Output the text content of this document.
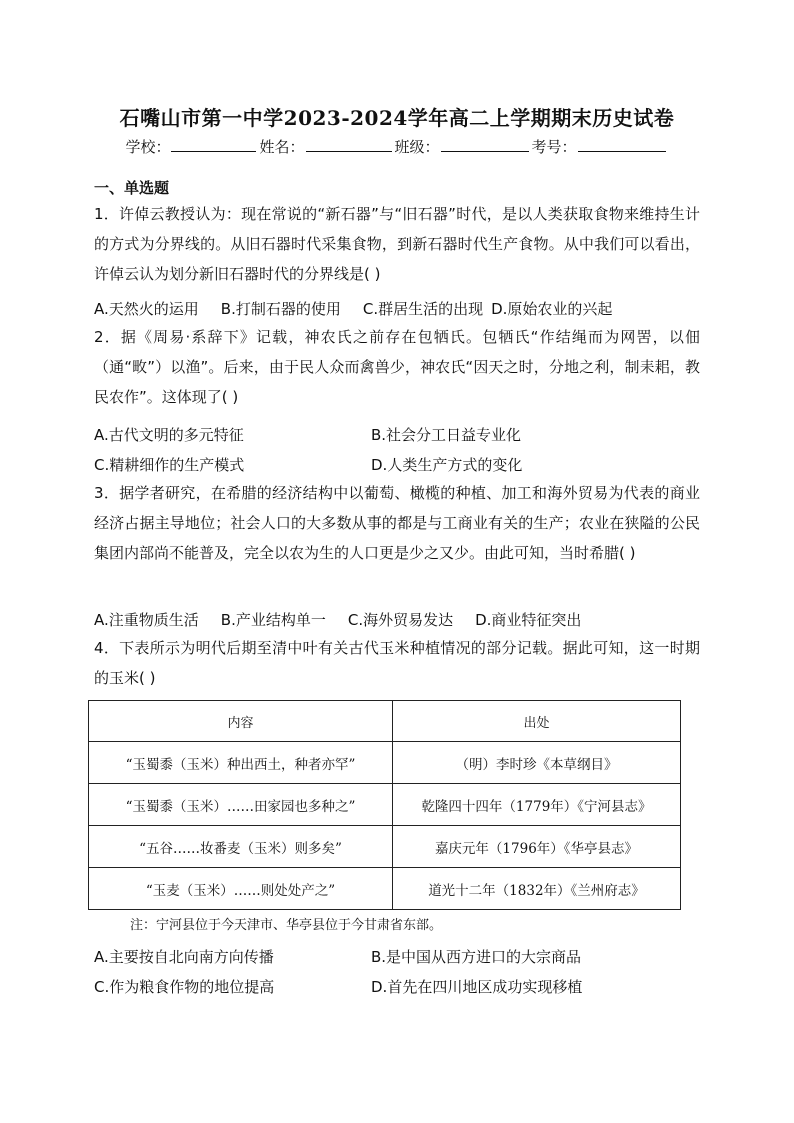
石嘴山市第一中学2023-2024学年高二上学期期末历史试卷
学校：	姓名：	班级：	考号：
一、单选题

1．许倬云教授认为：现在常说的“新石器”与“旧石器”时代，是以人类获取食物来维持生计的方式为分界线的。从旧石器时代采集食物，到新石器时代生产食物。从中我们可以看出，许倬云认为划分新旧石器时代的分界线是( )

A.天然火的运用 B.打制石器的使用 C.群居生活的出现 D.原始农业的兴起

2．据《周易·系辞下》记载，神农氏之前存在包牺氏。包牺氏“作结绳而为网罟，以佃（通“畋”）以渔”。后来，由于民人众而禽兽少，神农氏“因天之时，分地之利，制耒耜，教民农作”。这体现了( )

A.古代文明的多元特征	B.社会分工日益专业化
C.精耕细作的生产模式	D.人类生产方式的变化

3．据学者研究，在希腊的经济结构中以葡萄、橄榄的种植、加工和海外贸易为代表的商业经济占据主导地位；社会人口的大多数从事的都是与工商业有关的生产；农业在狭隘的公民集团内部尚不能普及，完全以农为生的人口更是少之又少。由此可知，当时希腊( )

A.注重物质生活 B.产业结构单一 C.海外贸易发达 D.商业特征突出

4．下表所示为明代后期至清中叶有关古代玉米种植情况的部分记载。据此可知，这一时期的玉米( )

内容	出处
“玉蜀黍（玉米）种出西土，种者亦罕”	（明）李时珍《本草纲目》
“玉蜀黍（玉米）……田家园也多种之”	乾隆四十四年（1779年）《宁河县志》
“五谷……妆番麦（玉米）则多矣”	嘉庆元年（1796年）《华亭县志》
“玉麦（玉米）……则处处产之”	道光十二年（1832年）《兰州府志》
注：宁河县位于今天津市、华亭县位于今甘肃省东部。
A.主要按自北向南方向传播	B.是中国从西方进口的大宗商品
C.作为粮食作物的地位提高	D.首先在四川地区成功实现移植
